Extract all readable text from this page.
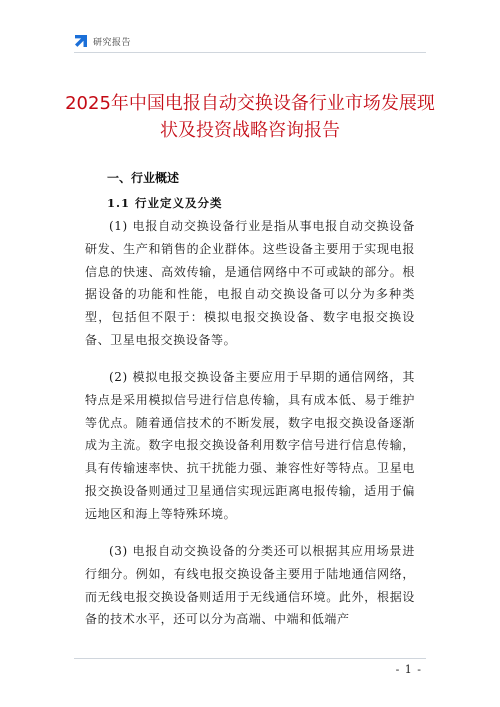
研究报告
2025年中国电报自动交换设备行业市场发展现状及投资战略咨询报告
一、行业概述
1.1 行业定义及分类

(1) 电报自动交换设备行业是指从事电报自动交换设备研发、生产和销售的企业群体。这些设备主要用于实现电报信息的快速、高效传输，是通信网络中不可或缺的部分。根据设备的功能和性能，电报自动交换设备可以分为多种类型，包括但不限于：模拟电报交换设备、数字电报交换设备、卫星电报交换设备等。

(2) 模拟电报交换设备主要应用于早期的通信网络，其特点是采用模拟信号进行信息传输，具有成本低、易于维护等优点。随着通信技术的不断发展，数字电报交换设备逐渐成为主流。数字电报交换设备利用数字信号进行信息传输，具有传输速率快、抗干扰能力强、兼容性好等特点。卫星电报交换设备则通过卫星通信实现远距离电报传输，适用于偏远地区和海上等特殊环境。

(3) 电报自动交换设备的分类还可以根据其应用场景进行细分。例如，有线电报交换设备主要用于陆地通信网络，而无线电报交换设备则适用于无线通信环境。此外，根据设备的技术水平，还可以分为高端、中端和低端产

- 1 -
